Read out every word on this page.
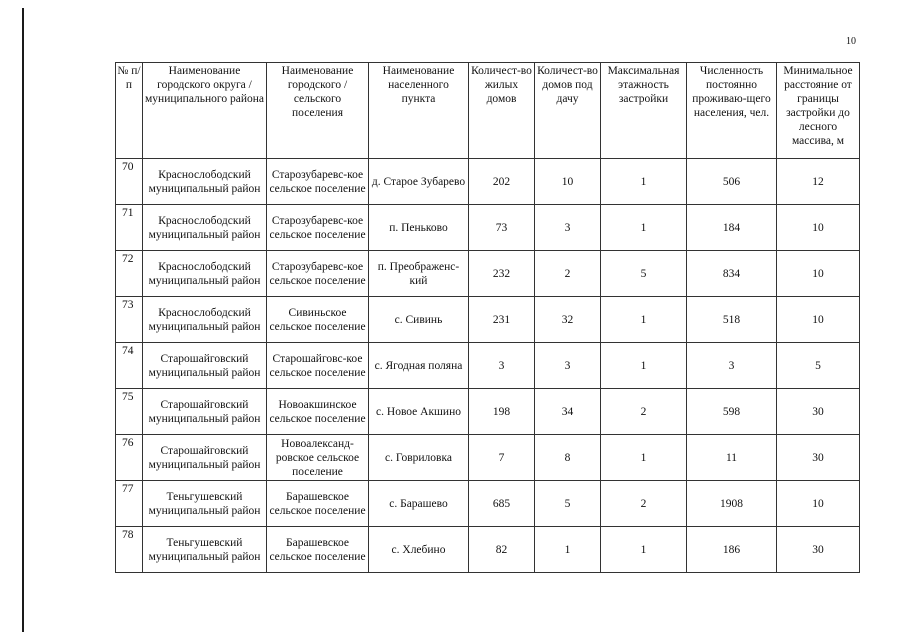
10
№ п/п	Наименование городского округа / муниципального района	Наименование городского / сельского поселения	Наименование населенного пункта	Количест-во жилых домов	Количест-во домов под дачу	Максимальная этажность застройки	Численность постоянно проживаю-щего населения, чел.	Минимальное расстояние от границы застройки до лесного массива, м

70	Краснослободский муниципальный район	Старозубаревс-кое сельское поселение	д. Старое Зубарево	202	10	1	506	12

71	Краснослободский муниципальный район	Старозубаревс-кое сельское поселение	п. Пеньково	73	3	1	184	10

72	Краснослободский муниципальный район	Старозубаревс-кое сельское поселение	п. Преображенс-кий	232	2	5	834	10

73	Краснослободский муниципальный район	Сивиньское сельское поселение	с. Сивинь	231	32	1	518	10

74	Старошайговский муниципальный район	Старошайговс-кое сельское поселение	с. Ягодная поляна	3	3	1	3	5

75	Старошайговский муниципальный район	Новоакшинское сельское поселение	с. Новое Акшино	198	34	2	598	30

76	Старошайговский муниципальный район	Новоалександ-ровское сельское поселение	с. Говриловка	7	8	1	11	30

77	Теньгушевский муниципальный район	Барашевское сельское поселение	с. Барашево	685	5	2	1908	10

78	Теньгушевский муниципальный район	Барашевское сельское поселение	с. Хлебино	82	1	1	186	30
